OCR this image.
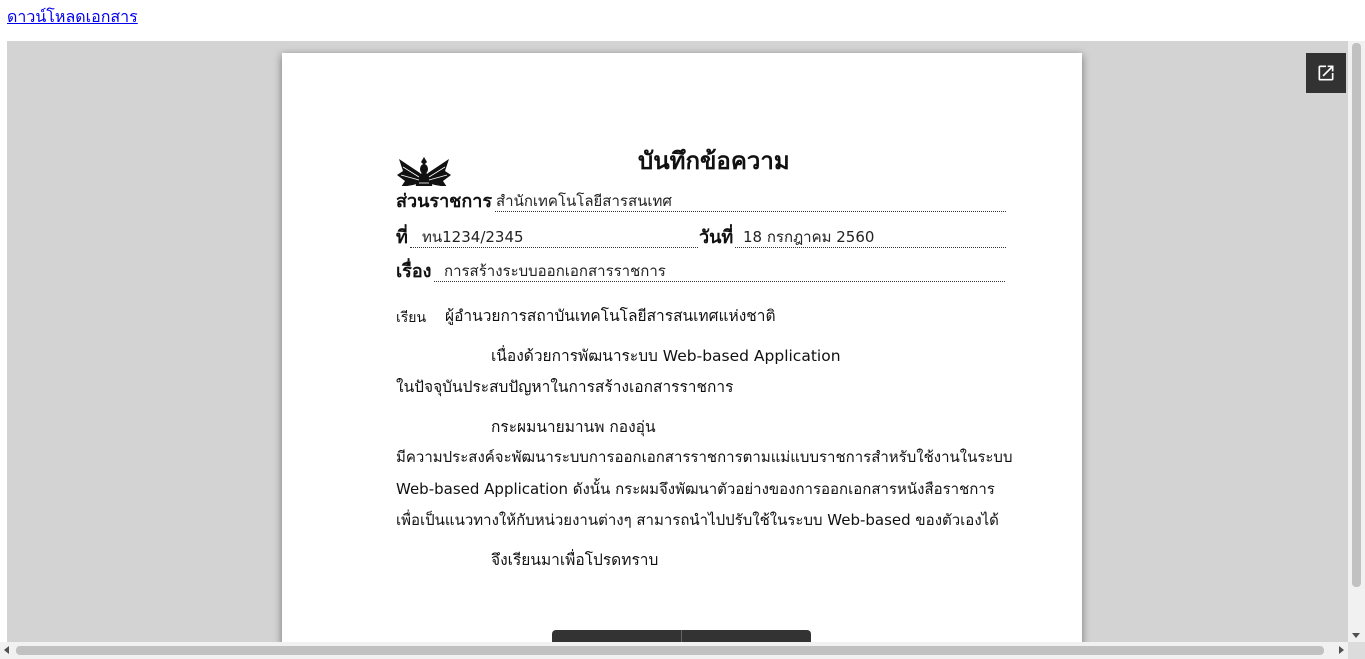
ดาวน์โหลดเอกสาร
บันทึกข้อความ
ส่วนราชการ สำนักเทคโนโลยีสารสนเทศ
ที่ ทน1234/2345	วันที่ 18 กรกฎาคม 2560
เรื่อง การสร้างระบบออกเอกสารราชการ
เรียน ผู้อำนวยการสถาบันเทคโนโลยีสารสนเทศแห่งชาติ
เนื่องด้วยการพัฒนาระบบ Web-based Application
ในปัจจุบันประสบปัญหาในการสร้างเอกสารราชการ
กระผมนายมานพ กองอุ่น
มีความประสงค์จะพัฒนาระบบการออกเอกสารราชการตามแม่แบบราชการสำหรับใช้งานในระบบ
Web-based Application ดังนั้น กระผมจึงพัฒนาตัวอย่างของการออกเอกสารหนังสือราชการ
เพื่อเป็นแนวทางให้กับหน่วยงานต่างๆ สามารถนำไปปรับใช้ในระบบ Web-based ของตัวเองได้
จึงเรียนมาเพื่อโปรดทราบ
